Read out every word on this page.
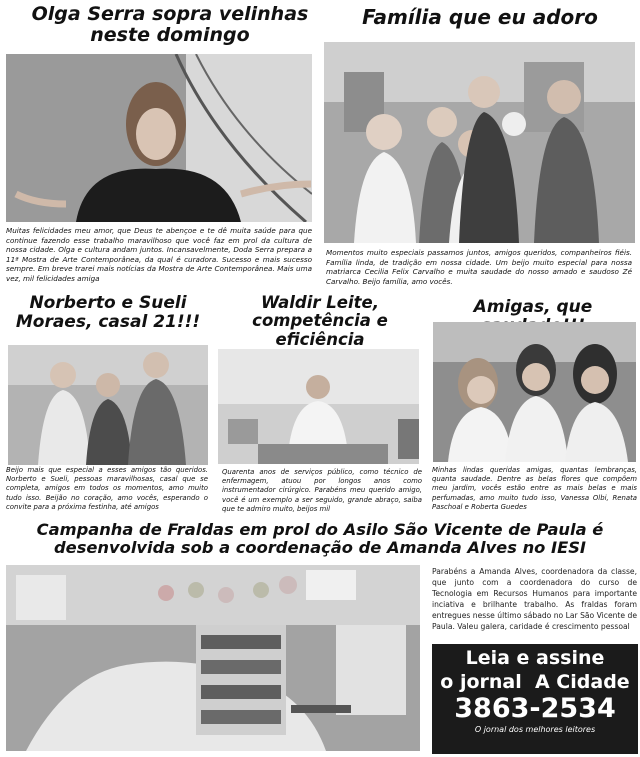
Olga Serra sopra velinhas neste domingo
Muitas felicidades meu amor, que Deus te abençoe e te dê muita saúde para que continue fazendo esse trabalho maravilhoso que você faz em prol da cultura de nossa cidade. Olga e cultura andam juntos. Incansavelmente, Doda Serra prepara a 11ª Mostra de Arte Contemporânea, da qual é curadora. Sucesso e mais sucesso sempre. Em breve trarei mais notícias da Mostra de Arte Contemporânea. Mais uma vez, mil felicidades amiga
Família que eu adoro
Momentos muito especiais passamos juntos, amigos queridos, companheiros fiéis. Família linda, de tradição em nossa cidade. Um beijo muito especial para nossa matriarca Cecilia Felix Carvalho e muita saudade do nosso amado e saudoso Zé Carvalho. Beijo família, amo vocês.
Norberto e Sueli Moraes, casal 21!!!
Beijo mais que especial a esses amigos tão queridos. Norberto e Sueli, pessoas maravilhosas, casal que se completa, amigos em todos os momentos, amo muito tudo isso. Beijão no coração, amo vocês, esperando o convite para a próxima festinha, até amigos
Waldir Leite, competência e eficiência
Quarenta anos de serviços público, como técnico de enfermagem, atuou por longos anos como instrumentador cirúrgico. Parabéns meu querido amigo, você é um exemplo a ser seguido, grande abraço, saiba que te admiro muito, beijos mil
Amigas, que
Minhas lindas queridas amigas, quantas lembranças, quanta saudade. Dentre as belas flores que compõem meu jardim, vocês estão entre as mais belas e mais perfumadas, amo muito tudo isso, Vanessa Olbi, Renata Paschoal e Roberta Guedes
Campanha de Fraldas em prol do Asilo São Vicente de Paula é desenvolvida sob a coordenação de Amanda Alves no IESI
Parabéns a Amanda Alves, coordenadora da classe, que junto com a coordenadora do curso de Tecnologia em Recursos Humanos para importante inciativa e brilhante trabalho. As fraldas foram entregues nesse último sábado no Lar São Vicente de Paula. Valeu galera, caridade é crescimento pessoal
Leia e assine
o jornal  A Cidade
3863-2534
O jornal dos melhores leitores
